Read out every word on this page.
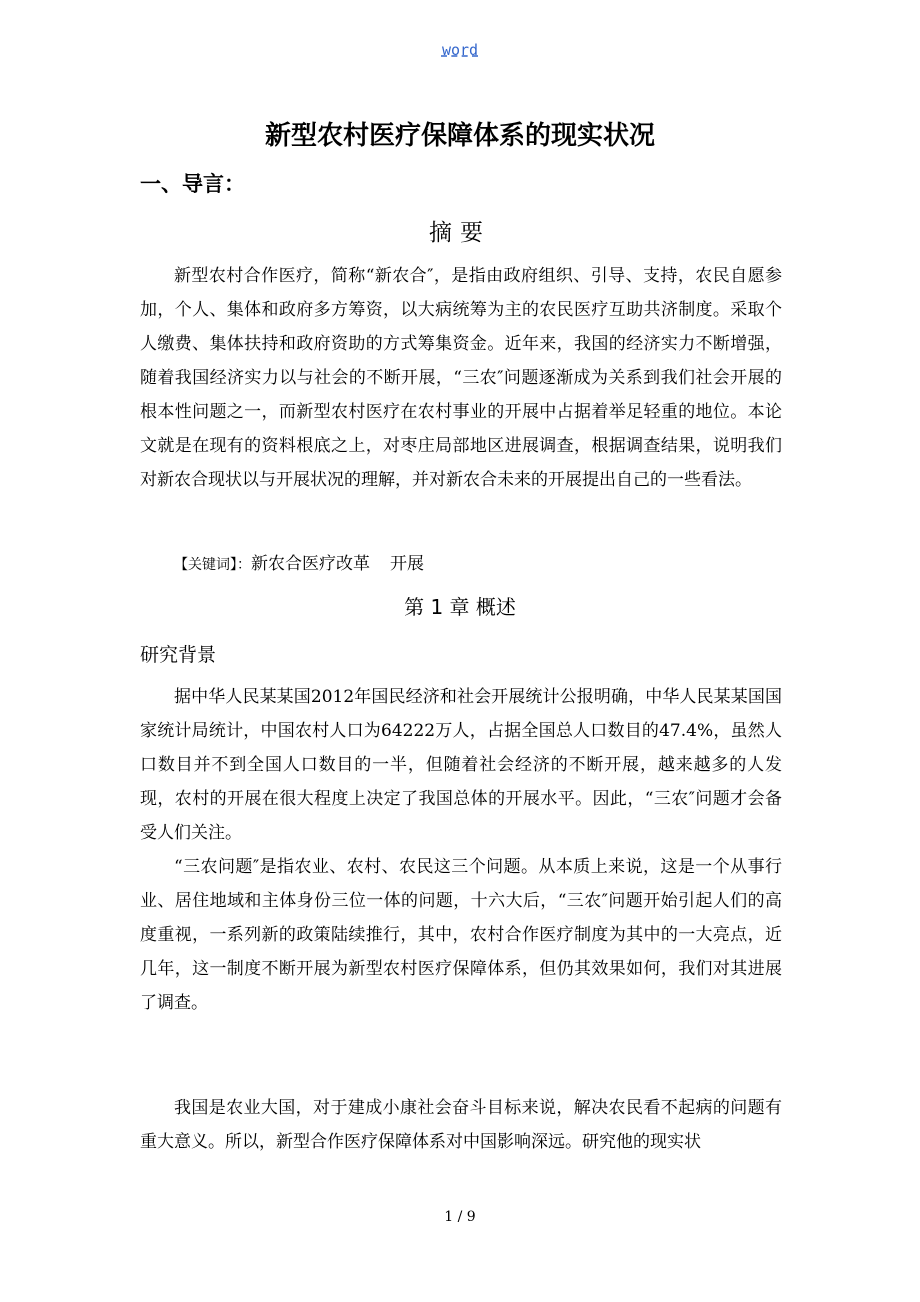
word
新型农村医疗保障体系的现实状况
一、导言：
摘要

新型农村合作医疗，简称“新农合″，是指由政府组织、引导、支持，农民自愿参加，个人、集体和政府多方筹资，以大病统筹为主的农民医疗互助共济制度。采取个人缴费、集体扶持和政府资助的方式筹集资金。近年来，我国的经济实力不断增强，随着我国经济实力以与社会的不断开展，“三农″问题逐渐成为关系到我们社会开展的根本性问题之一，而新型农村医疗在农村事业的开展中占据着举足轻重的地位。本论文就是在现有的资料根底之上，对枣庄局部地区进展调查，根据调查结果，说明我们对新农合现状以与开展状况的理解，并对新农合未来的开展提出自己的一些看法。

【关键词】：新农合医疗改革 开展
第 1 章 概述
研究背景

据中华人民某某国2012年国民经济和社会开展统计公报明确，中华人民某某国国家统计局统计，中国农村人口为64222万人，占据全国总人口数目的47.4%，虽然人口数目并不到全国人口数目的一半，但随着社会经济的不断开展，越来越多的人发现，农村的开展在很大程度上决定了我国总体的开展水平。因此，“三农″问题才会备受人们关注。

“三农问题″是指农业、农村、农民这三个问题。从本质上来说，这是一个从事行业、居住地域和主体身份三位一体的问题，十六大后，“三农″问题开始引起人们的高度重视，一系列新的政策陆续推行，其中，农村合作医疗制度为其中的一大亮点，近几年，这一制度不断开展为新型农村医疗保障体系，但仍其效果如何，我们对其进展了调查。

我国是农业大国，对于建成小康社会奋斗目标来说，解决农民看不起病的问题有重大意义。所以，新型合作医疗保障体系对中国影响深远。研究他的现实状

1 / 9
